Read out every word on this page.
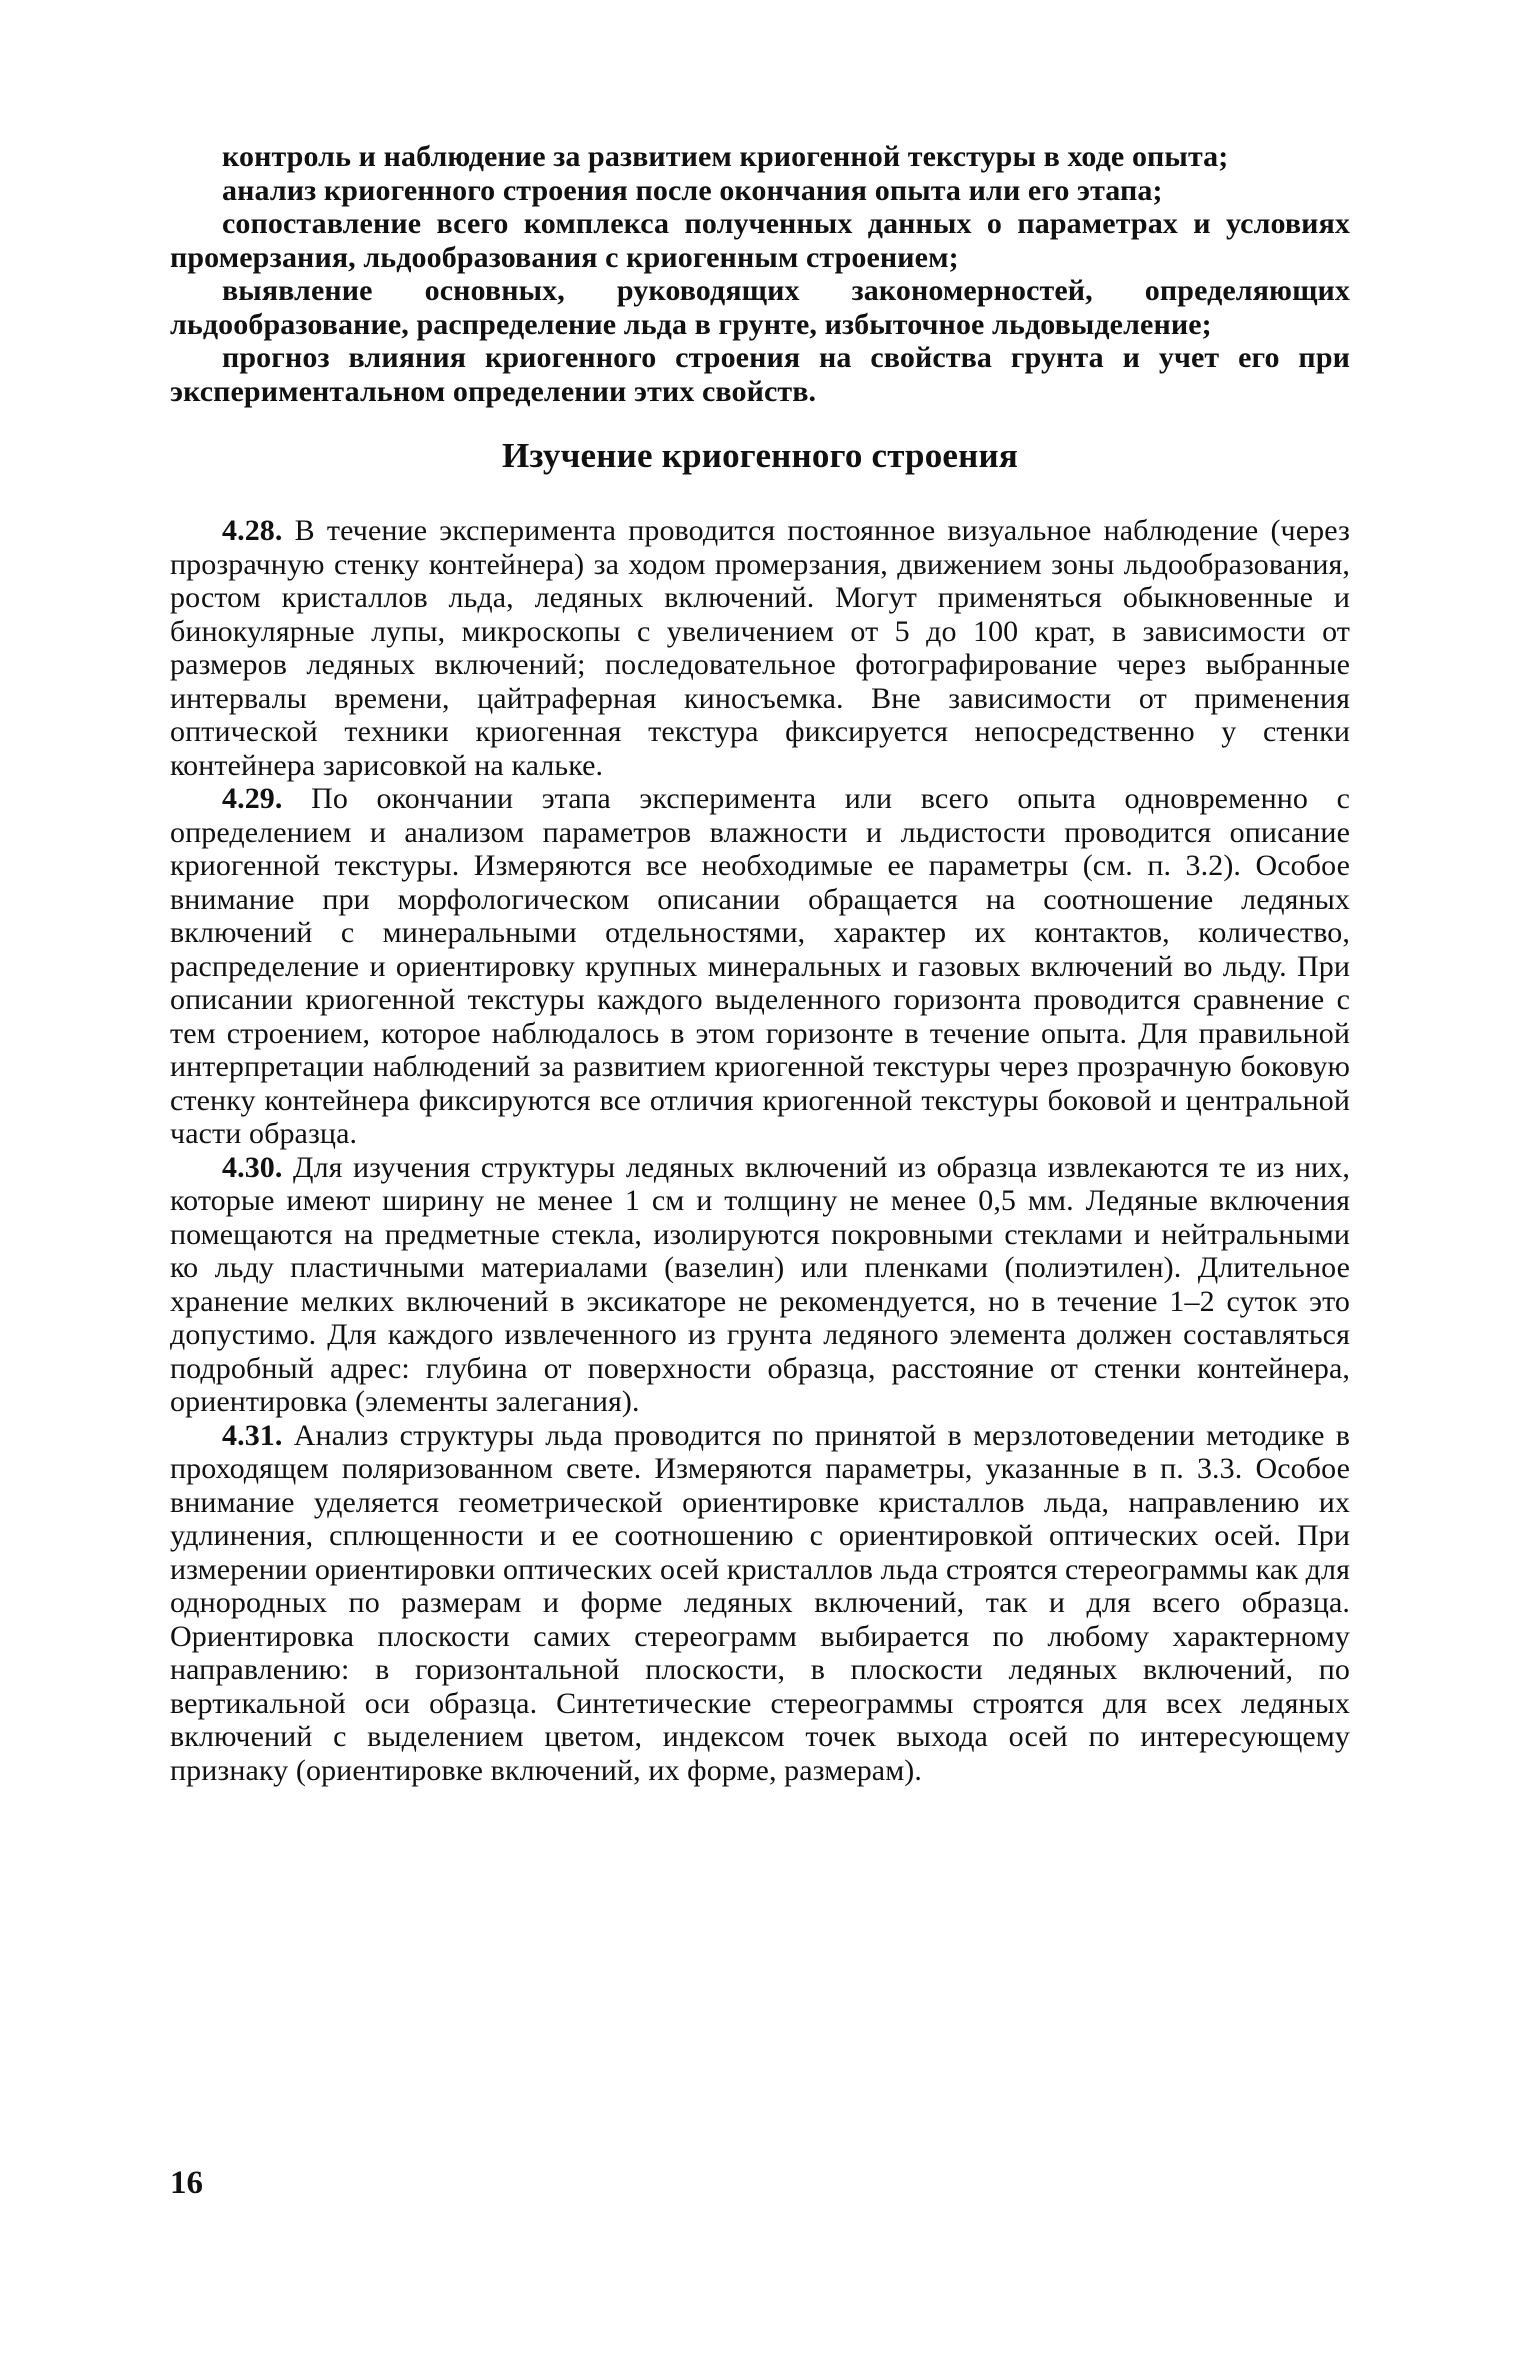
контроль и наблюдение за развитием криогенной текстуры в ходе опыта;

анализ криогенного строения после окончания опыта или его этапа;

сопоставление всего комплекса полученных данных о параметрах и условиях промерзания, льдообразования с криогенным строением;

выявление основных, руководящих закономерностей, определяющих льдообразование, распределение льда в грунте, избыточное льдовыделение;

прогноз влияния криогенного строения на свойства грунта и учет его при экспериментальном определении этих свойств.

Изучение криогенного строения

4.28. В течение эксперимента проводится постоянное визуальное наблюдение (через прозрачную стенку контейнера) за ходом промерзания, движением зоны льдообразования, ростом кристаллов льда, ледяных включений. Могут применяться обыкновенные и бинокулярные лупы, микроскопы с увеличением от 5 до 100 крат, в зависимости от размеров ледяных включений; последовательное фотографирование через выбранные интервалы времени, цайтраферная киносъемка. Вне зависимости от применения оптической техники криогенная текстура фиксируется непосредственно у стенки контейнера зарисовкой на кальке.

4.29. По окончании этапа эксперимента или всего опыта одновременно с определением и анализом параметров влажности и льдистости проводится описание криогенной текстуры. Измеряются все необходимые ее параметры (см. п. 3.2). Особое внимание при морфологическом описании обращается на соотношение ледяных включений с минеральными отдельностями, характер их контактов, количество, распределение и ориентировку крупных минеральных и газовых включений во льду. При описании криогенной текстуры каждого выделенного горизонта проводится сравнение с тем строением, которое наблюдалось в этом горизонте в течение опыта. Для правильной интерпретации наблюдений за развитием криогенной текстуры через прозрачную боковую стенку контейнера фиксируются все отличия криогенной текстуры боковой и центральной части образца.

4.30. Для изучения структуры ледяных включений из образца извлекаются те из них, которые имеют ширину не менее 1 см и толщину не менее 0,5 мм. Ледяные включения помещаются на предметные стекла, изолируются покровными стеклами и нейтральными ко льду пластичными материалами (вазелин) или пленками (полиэтилен). Длительное хранение мелких включений в эксикаторе не рекомендуется, но в течение 1–2 суток это допустимо. Для каждого извлеченного из грунта ледяного элемента должен составляться подробный адрес: глубина от поверхности образца, расстояние от стенки контейнера, ориентировка (элементы залегания).

4.31. Анализ структуры льда проводится по принятой в мерзлотоведении методике в проходящем поляризованном свете. Измеряются параметры, указанные в п. 3.3. Особое внимание уделяется геометрической ориентировке кристаллов льда, направлению их удлинения, сплющенности и ее соотношению с ориентировкой оптических осей. При измерении ориентировки оптических осей кристаллов льда строятся стереограммы как для однородных по размерам и форме ледяных включений, так и для всего образца. Ориентировка плоскости самих стереограмм выбирается по любому характерному направлению: в горизонтальной плоскости, в плоскости ледяных включений, по вертикальной оси образца. Синтетические стереограммы строятся для всех ледяных включений с выделением цветом, индексом точек выхода осей по интересующему признаку (ориентировке включений, их форме, размерам).

16
